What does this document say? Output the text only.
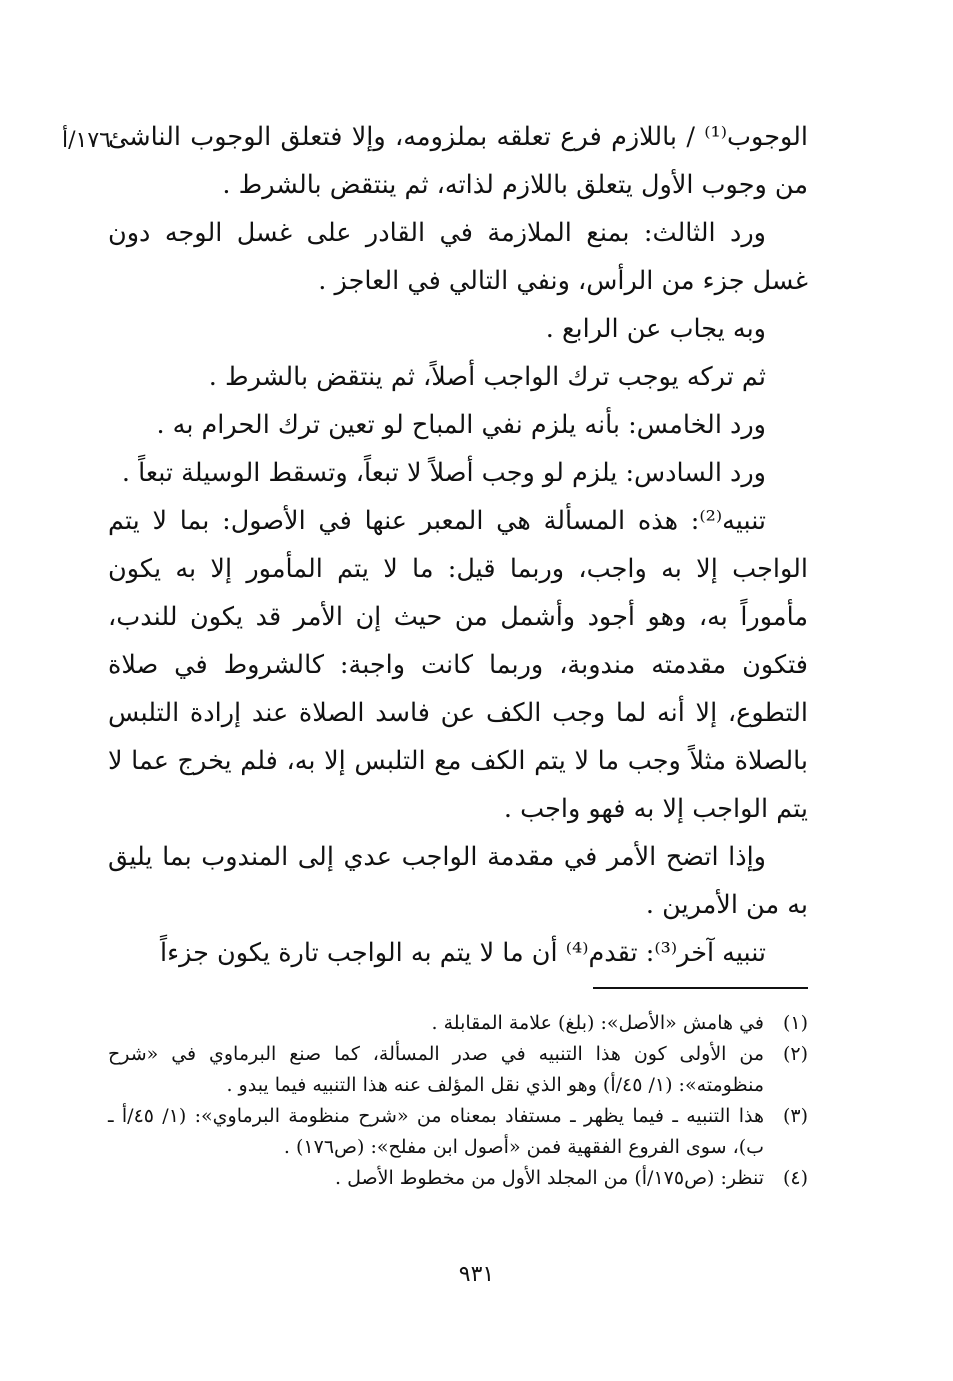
١٧٦/أ

الوجوب⁽¹⁾ / باللازم فرع تعلقه بملزومه، وإلا فتعلق الوجوب الناشئ من وجوب الأول يتعلق باللازم لذاته، ثم ينتقض بالشرط .

ورد الثالث: بمنع الملازمة في القادر على غسل الوجه دون غسل جزء من الرأس، ونفي التالي في العاجز .

وبه يجاب عن الرابع .

ثم تركه يوجب ترك الواجب أصلاً، ثم ينتقض بالشرط .

ورد الخامس: بأنه يلزم نفي المباح لو تعين ترك الحرام به .

ورد السادس: يلزم لو وجب أصلاً لا تبعاً، وتسقط الوسيلة تبعاً .

تنبيه⁽²⁾: هذه المسألة هي المعبر عنها في الأصول: بما لا يتم الواجب إلا به واجب، وربما قيل: ما لا يتم المأمور إلا به يكون مأموراً به، وهو أجود وأشمل من حيث إن الأمر قد يكون للندب، فتكون مقدمته مندوبة، وربما كانت واجبة: كالشروط في صلاة التطوع، إلا أنه لما وجب الكف عن فاسد الصلاة عند إرادة التلبس بالصلاة مثلاً وجب ما لا يتم الكف مع التلبس إلا به، فلم يخرج عما لا يتم الواجب إلا به فهو واجب .

وإذا اتضح الأمر في مقدمة الواجب عدي إلى المندوب بما يليق به من الأمرين .

تنبيه آخر⁽³⁾: تقدم⁽⁴⁾ أن ما لا يتم به الواجب تارة يكون جزءاً

(١)
في هامش «الأصل»: (بلغ) علامة المقابلة .
(٢)
من الأولى كون هذا التنبيه في صدر المسألة، كما صنع البرماوي في «شرح منظومته»: (١/ ٤٥/أ) وهو الذي نقل المؤلف عنه هذا التنبيه فيما يبدو .
(٣)
هذا التنبيه ـ فيما يظهر ـ مستفاد بمعناه من «شرح منظومة البرماوي»: (١/ ٤٥/أ ـ ب)، سوى الفروع الفقهية فمن «أصول ابن مفلح»: (ص١٧٦) .
(٤)
تنظر: (ص١٧٥/أ) من المجلد الأول من مخطوط الأصل .
٩٣١
